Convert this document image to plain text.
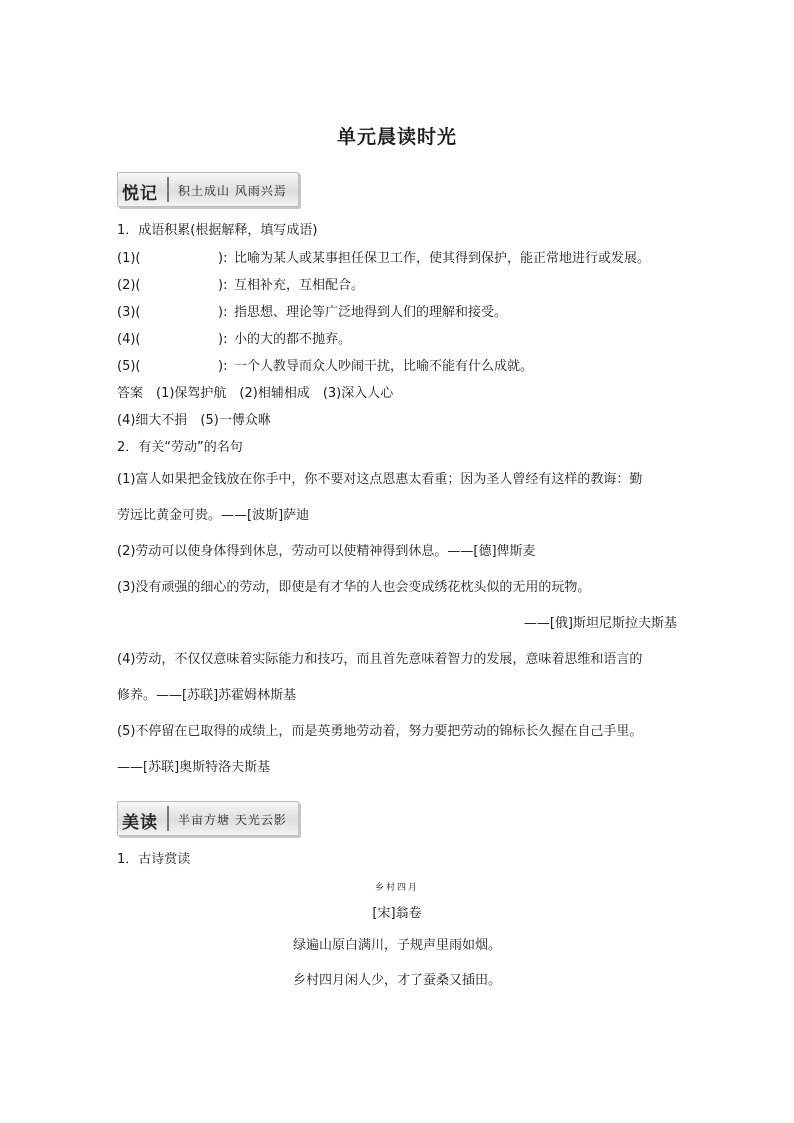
单元晨读时光
悦记 积土成山 风雨兴焉
1．成语积累(根据解释，填写成语)
(1)(	): 比喻为某人或某事担任保卫工作，使其得到保护，能正常地进行或发展。
(2)(	): 互相补充，互相配合。
(3)(	): 指思想、理论等广泛地得到人们的理解和接受。
(4)(	): 小的大的都不抛弃。
(5)(	): 一个人教导而众人吵闹干扰，比喻不能有什么成就。
答案　(1)保驾护航　(2)相辅相成　(3)深入人心
(4)细大不捐　(5)一傅众咻
2．有关“劳动”的名句
(1)富人如果把金钱放在你手中，你不要对这点恩惠太看重；因为圣人曾经有这样的教诲：勤
劳远比黄金可贵。——[波斯]萨迪
(2)劳动可以使身体得到休息，劳动可以使精神得到休息。——[德]俾斯麦
(3)没有顽强的细心的劳动，即使是有才华的人也会变成绣花枕头似的无用的玩物。
——[俄]斯坦尼斯拉夫斯基
(4)劳动，不仅仅意味着实际能力和技巧，而且首先意味着智力的发展，意味着思维和语言的
修养。——[苏联]苏霍姆林斯基
(5)不停留在已取得的成绩上，而是英勇地劳动着，努力要把劳动的锦标长久握在自己手里。
——[苏联]奥斯特洛夫斯基
美读 半亩方塘 天光云影
1．古诗赏读
乡村四月
[宋]翁卷
绿遍山原白满川，子规声里雨如烟。
乡村四月闲人少，才了蚕桑又插田。
